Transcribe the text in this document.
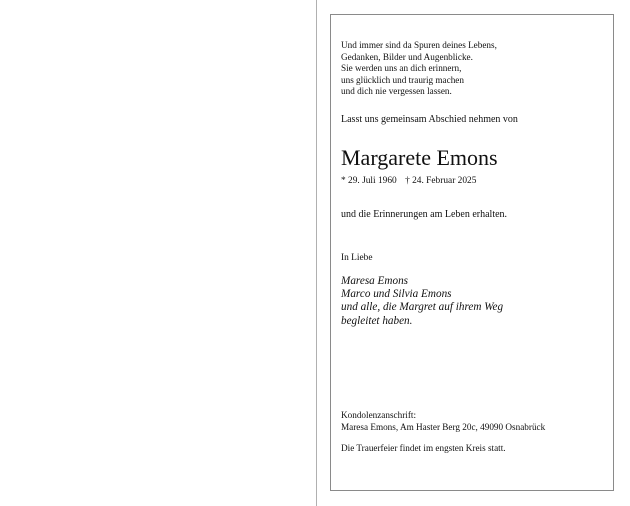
Und immer sind da Spuren deines Lebens,
Gedanken, Bilder und Augenblicke.
Sie werden uns an dich erinnern,
uns glücklich und traurig machen
und dich nie vergessen lassen.
Lasst uns gemeinsam Abschied nehmen von
Margarete Emons
* 29. Juli 1960 † 24. Februar 2025
und die Erinnerungen am Leben erhalten.
In Liebe
Maresa Emons
Marco und Silvia Emons
und alle, die Margret auf ihrem Weg
begleitet haben.
Kondolenzanschrift:
Maresa Emons, Am Haster Berg 20c, 49090 Osnabrück
Die Trauerfeier findet im engsten Kreis statt.
